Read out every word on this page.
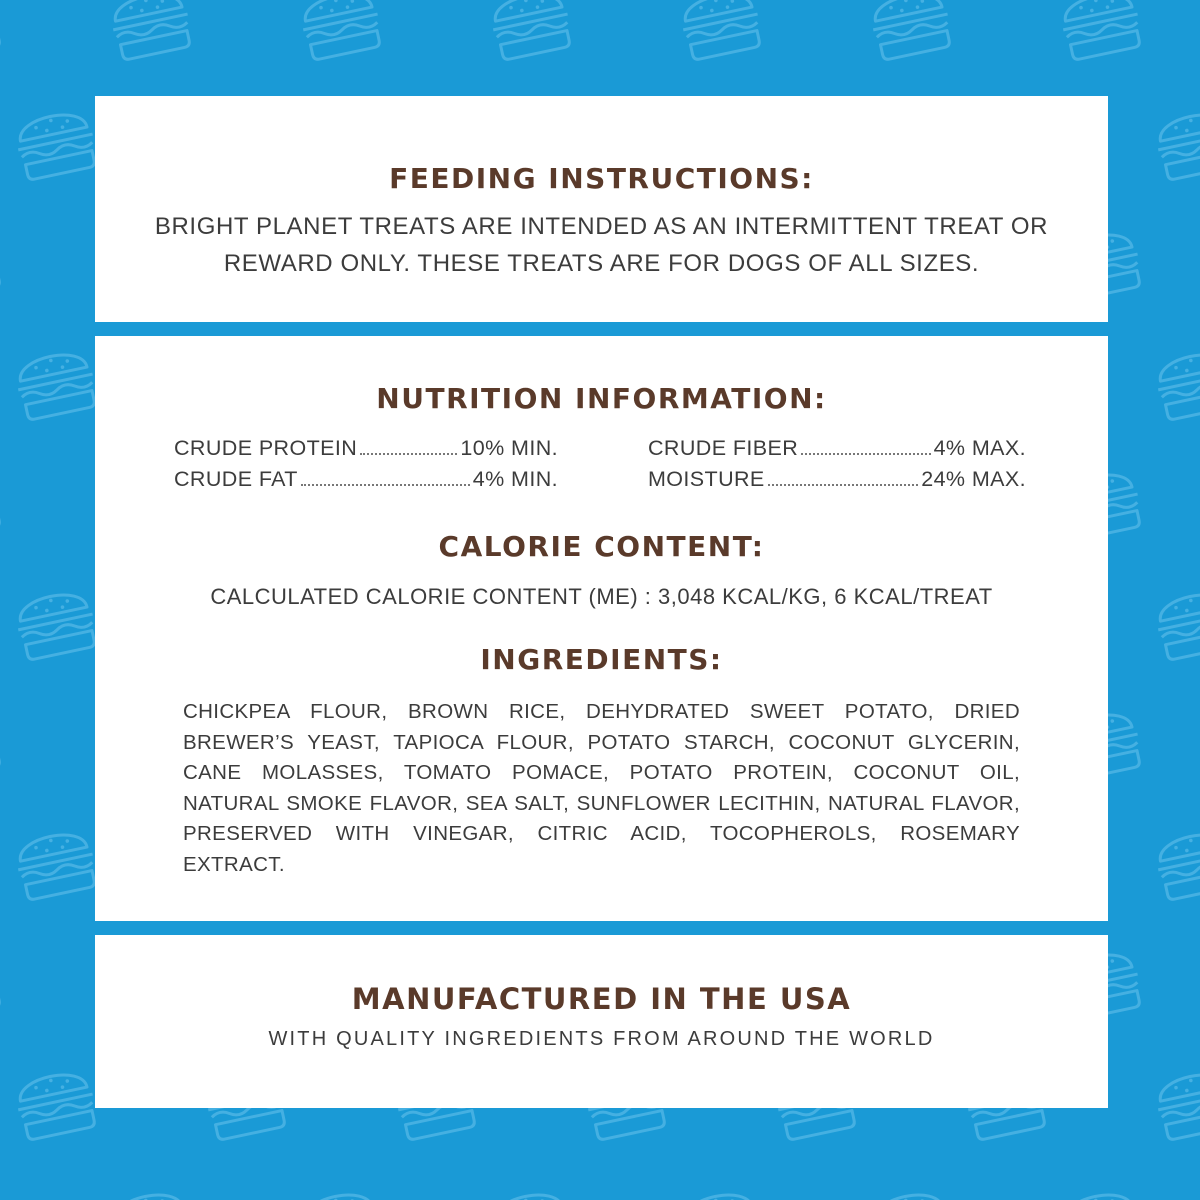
FEEDING INSTRUCTIONS:
BRIGHT PLANET TREATS ARE INTENDED AS AN INTERMITTENT TREAT OR
REWARD ONLY. THESE TREATS ARE FOR DOGS OF ALL SIZES.
NUTRITION INFORMATION:
CRUDE PROTEIN	10% MIN.
CRUDE FAT	4% MIN.
CRUDE FIBER	4% MAX.
MOISTURE	24% MAX.
CALORIE CONTENT:
CALCULATED CALORIE CONTENT (ME) : 3,048 KCAL/KG, 6 KCAL/TREAT
INGREDIENTS:
CHICKPEA FLOUR, BROWN RICE, DEHYDRATED SWEET POTATO, DRIED BREWER’S YEAST, TAPIOCA FLOUR, POTATO STARCH, COCONUT GLYCERIN, CANE MOLASSES, TOMATO POMACE, POTATO PROTEIN, COCONUT OIL, NATURAL SMOKE FLAVOR, SEA SALT, SUNFLOWER LECITHIN, NATURAL FLAVOR, PRESERVED WITH VINEGAR, CITRIC ACID, TOCOPHEROLS, ROSEMARY EXTRACT.
MANUFACTURED IN THE USA
WITH QUALITY INGREDIENTS FROM AROUND THE WORLD
